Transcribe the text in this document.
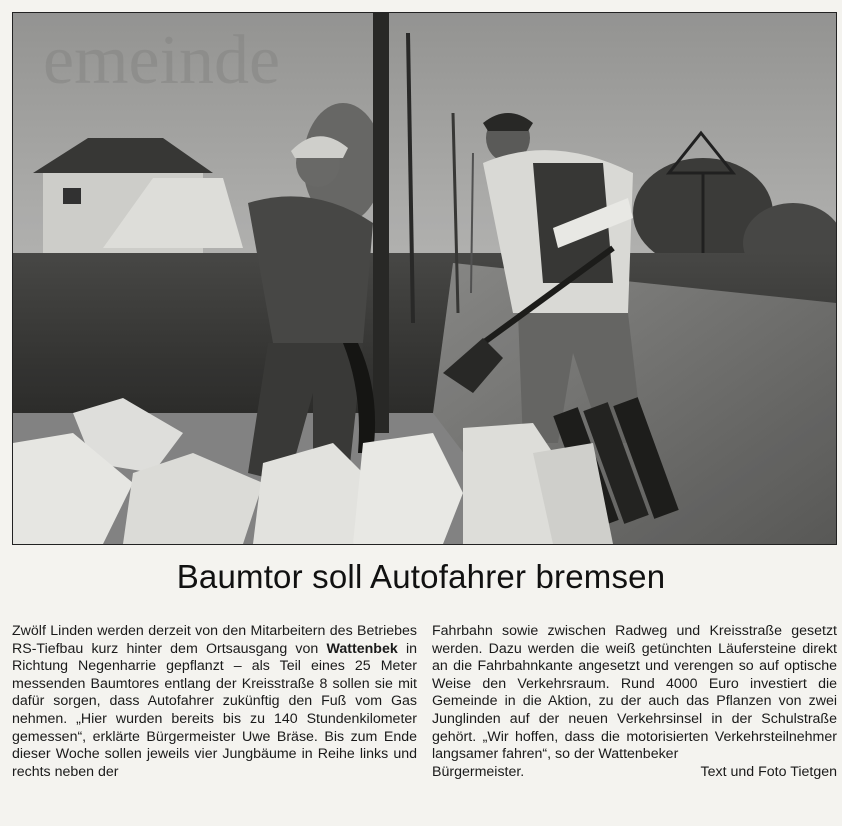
emeinde
Baumtor soll Autofahrer bremsen

Zwölf Linden werden derzeit von den Mitarbeitern des Betriebes RS-Tiefbau kurz hinter dem Ortsausgang von Wattenbek in Richtung Negenharrie gepflanzt – als Teil eines 25 Meter messenden Baumtores entlang der Kreisstraße 8 sollen sie mit dafür sorgen, dass Autofahrer zukünftig den Fuß vom Gas nehmen. „Hier wurden bereits bis zu 140 Stundenkilometer gemessen“, erklärte Bürgermeister Uwe Bräse. Bis zum Ende dieser Woche sollen jeweils vier Jungbäume in Reihe links und rechts neben der

Fahrbahn sowie zwischen Radweg und Kreisstraße gesetzt werden. Dazu werden die weiß getünchten Läufersteine direkt an die Fahrbahnkante angesetzt und verengen so auf optische Weise den Verkehrsraum. Rund 4000 Euro investiert die Gemeinde in die Aktion, zu der auch das Pflanzen von zwei Junglinden auf der neuen Verkehrsinsel in der Schulstraße gehört. „Wir hoffen, dass die motorisierten Verkehrsteilnehmer langsamer fahren“, so der Wattenbeker

Bürgermeister.	Text und Foto Tietgen
